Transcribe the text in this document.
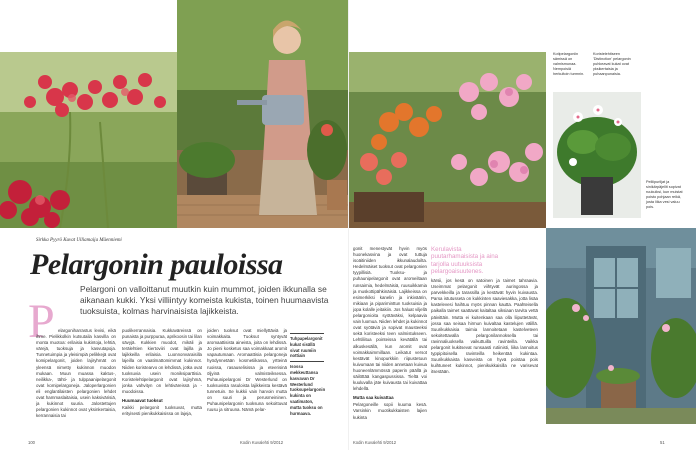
Sirkka Pyyrö Kuvat Ulliamaija Mäenniemi
Pelargonin pauloissa
Pelargoni on valloittanut muutkin kuin mummot, joiden ikkunalla se aikanaan kukki. Yksi villiintyy komeista kukista, toinen huumaavista tuoksuista, kolmas harvinaisista lajikkeista.
P elargoniharrastus levisi, eikä ihme. Pielikkolkin kutsutaila kasvilla on monta muotoa: erilaisia kukintoja, lehtiä, värejä, tuoksuja ja kasvutapoja. Tunnetuimpia ja yleisimpiä pelikkejä ovat komipelargonit, joiden lajiryhmät on yleensä nimetty kukinnon muodon mukaan. Muun muassa kaktus-, neilikka-, tähti- ja tulppaanipelargonit ovat komipelargoneja. Jaloperlargonien eli englantilaisten pelargonien lehdet ovat hammaslaitaisia, usein kaksivärisiä, ja kukinnot suuria. Jalostettujen pelargonien kukinnot ovat yksinkertaisia, kerrannaisia tai

puolikerrannaisia. Kukkaväreissä on punaista ja purppuraa, aprikoosin tai lilan sävyjä. Kukkien muodot, mikäli ja terälehtien kiertoviiri ovat lajilla ja lajikkeilla erilaisia. Luonnonvaraisilla lajeilla on vaatimattomimmat kukinnot. Niiden koristearvo on lehdissä, jotka ovat tuoksuvia usein moniksiparttisia. Koristelehtipelargonit ovat lajiryhmä, jonka vahvityn on lehtiväreissä ja -muodoissa.

Huumaavat tuoksut

Kaikki pelargonit tuoksuvat, mutta erityisesti pienikukkaisissa on lajeja,

joiden tuoksut ovat miellyttäviä ja voimakkaita. Tuoksut syntyvät aromaattisista aineista, joita on lehdissä. Jo pieni kosketus saa voimakkaat aromit vapautumaan. Aromaattisia pelargoneja hyödynnetään kosmetiikassa, yrtteinä ruoissa, rasauselisissa ja eteerisinä öljyinä valmisteiksessa. Puhaunipelargoni Dr Westerlund on tuoksuvista rasuloista lajikkeista kestävä tunnetuin. Se kukkii vain harvoin mutta on suuri ja perusmeininen. Puhaunipelargonin tuoksuna sekoittuvat ruusu ja sitruuna. Nämä pelar-

Tuhpapelargonit kukat sisällä sivat ruumiin nottiain

Isossa mekkeuttansa kasvavan Dr Westerlund tuoksupelargonin kukinta on vaatimaton, mutta tuoksu on hurmaava.

gonit menestyvät hyvin myös huonekasvina ja ovat tuttuja isoäitiniiden ikkunalaudoilta. Hedelmäiset tuoksut ovat pelargonien tyypillisiä. Tuoksu- ja puhaunipelargonit ovat aromeiltaan runsaimia, hedelmäisiä, ruusuikkamia ja muskottipähkinäisiä. Lajikkeissa on esimerkiksi kanelin ja inkiväärin, mikiaan ja pipariminttun tuoksuisia ja jopa kolalle jeitakiin. Jos haluat viljellä pelargonioita syötäväksi, kelpaavia vain luomua. Niiden lehdet ja kukinnot ovat syötäviä ja sopivat mausteeksi sekä koristeeksi teen valmistukseen. Lehtiliitua pointeissa kevätällä tai alkuskesällä, kun aromit ovat voimakkaimmillaan. Leikatut versot kestävät kinopurkkiin riipustetuun kuivumaan tai niiden annetaan kuivua huoneenlämmössä paperin päällä ja säilöttää kangaspussissa. Tieltä voi kuuluvalla jäte kuivausta tai kuivattaa lehdellä.

Mutta saa kuivattaa

Pelargoneille sopii kuuma kesä. Varsinkin muotikukkaisten lajien kukinta

Kerulavista puutarhamaisista ja aina tarjolla uutuuksista pelargoaisuutenes.

kärsii, jos kesä on satoinen ja taimet tahraavia. Useimmat pelargonit viihtyvät auringossa ja parvekkeilla ja tarassilla ja kestävät hyvin kuivausta. Parsa istutusseta on kukkinten saaviesakka, jotta lisäa kastelevesi haihtuu myös pinnan kautta. Paahteisella paikalla taimet saattavat kaitaltaa siksiaan tarvita vettä päivittäin. Mutta ei kuitenkaan saa olla liiputtetävät, jossa saa seisaa hirmun kuivaltaa kastelujen välillä. Suurikukkaisia taimia lannoitetaan kastelveteen sekoitettavalla pelargonilannoksella tai ravinnaliuoksella vaikuttuilla ravinteilla. Vaikka pelargonit kukitsevat runsaasti rutiinisti, liika lannoitus typpipitoisella ravinteilla heikentää kukintaa. Suurikukkaista kasveista on hyvä poistaa pois kuihtuneet kukinnot, pienikukkaisilla ne varisevat itsestään.

Kotipelargoniin sämissä on valmismunaa. Nempoisiä herkultoin turmnin.
Koristelehtiseen 'Distinction' pelargonin puhkeavat kukat ovat yksikertaisia ja puhaanpunaisia.
Pelliipuriljat ja sinikärpäjellit sopivat ruukuiksi, kun muistat poisto pohjaan reikä, josta liika vesi valuu pois.
100	Kodin Kuvalehti 9/2012	Kodin Kuvalehti 9/2012	51
